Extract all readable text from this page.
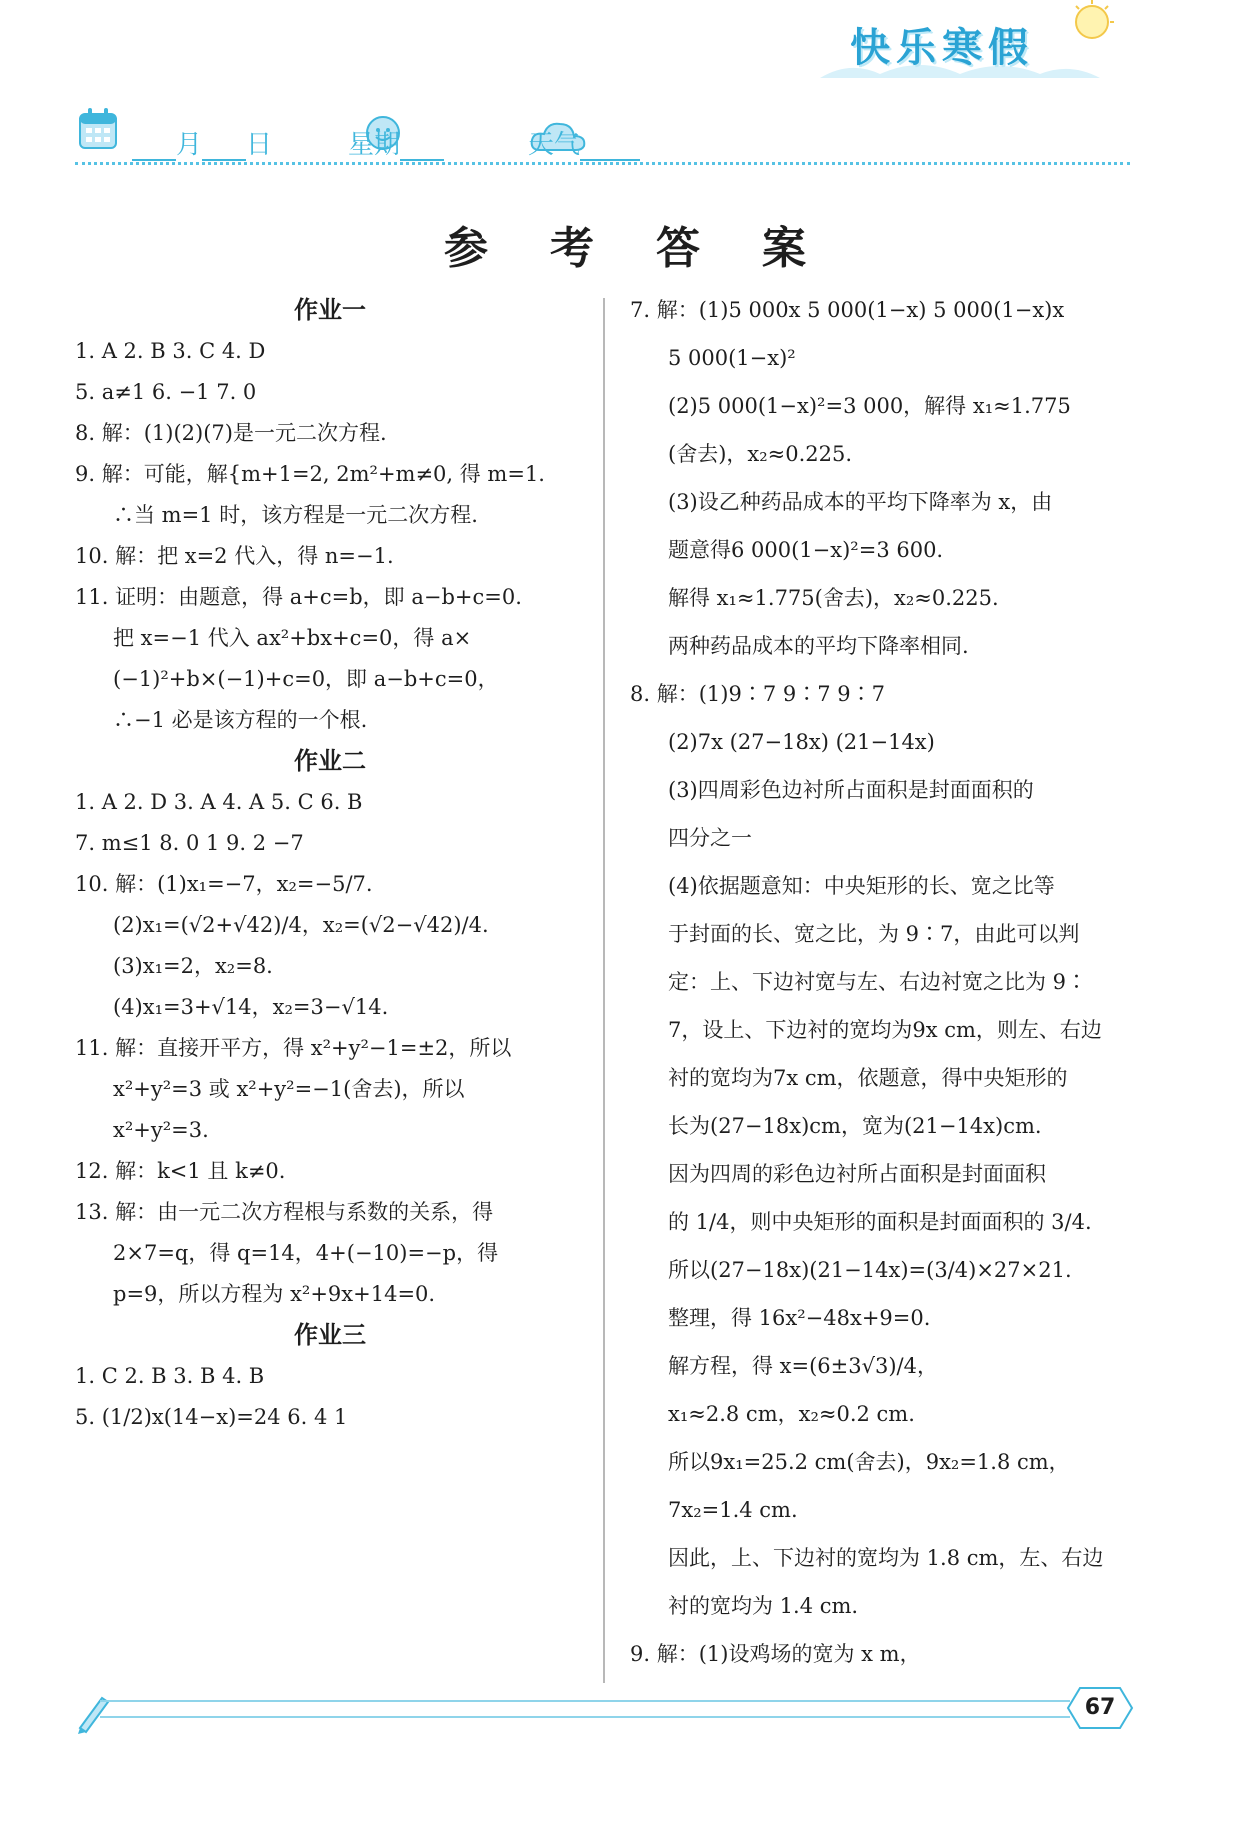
月 日	星期	天气
快乐寒假
参考答案
作业一
1. A 2. B 3. C 4. D
5. a≠1 6. −1 7. 0
8. 解：(1)(2)(7)是一元二次方程.
9. 解：可能，解{m+1=2, 2m²+m≠0, 得 m=1.
∴当 m=1 时，该方程是一元二次方程.
10. 解：把 x=2 代入，得 n=−1.
11. 证明：由题意，得 a+c=b，即 a−b+c=0.
把 x=−1 代入 ax²+bx+c=0，得 a×
(−1)²+b×(−1)+c=0，即 a−b+c=0，
∴−1 必是该方程的一个根.
作业二
1. A 2. D 3. A 4. A 5. C 6. B
7. m≤1 8. 0 1 9. 2 −7
10. 解：(1)x₁=−7，x₂=−5/7.
(2)x₁=(√2+√42)/4，x₂=(√2−√42)/4.
(3)x₁=2，x₂=8.
(4)x₁=3+√14，x₂=3−√14.
11. 解：直接开平方，得 x²+y²−1=±2，所以
x²+y²=3 或 x²+y²=−1(舍去)，所以
x²+y²=3.
12. 解：k<1 且 k≠0.
13. 解：由一元二次方程根与系数的关系，得
2×7=q，得 q=14，4+(−10)=−p，得
p=9，所以方程为 x²+9x+14=0.
作业三
1. C 2. B 3. B 4. B
5. (1/2)x(14−x)=24 6. 4 1
7. 解：(1)5 000x 5 000(1−x) 5 000(1−x)x
5 000(1−x)²
(2)5 000(1−x)²=3 000，解得 x₁≈1.775
(舍去)，x₂≈0.225.
(3)设乙种药品成本的平均下降率为 x，由
题意得6 000(1−x)²=3 600.
解得 x₁≈1.775(舍去)，x₂≈0.225.
两种药品成本的平均下降率相同.
8. 解：(1)9∶7 9∶7 9∶7
(2)7x (27−18x) (21−14x)
(3)四周彩色边衬所占面积是封面面积的
四分之一
(4)依据题意知：中央矩形的长、宽之比等
于封面的长、宽之比，为 9∶7，由此可以判
定：上、下边衬宽与左、右边衬宽之比为 9∶
7，设上、下边衬的宽均为9x cm，则左、右边
衬的宽均为7x cm，依题意，得中央矩形的
长为(27−18x)cm，宽为(21−14x)cm.
因为四周的彩色边衬所占面积是封面面积
的 1/4，则中央矩形的面积是封面面积的 3/4.
所以(27−18x)(21−14x)=(3/4)×27×21.
整理，得 16x²−48x+9=0.
解方程，得 x=(6±3√3)/4，
x₁≈2.8 cm，x₂≈0.2 cm.
所以9x₁=25.2 cm(舍去)，9x₂=1.8 cm，
7x₂=1.4 cm.
因此，上、下边衬的宽均为 1.8 cm，左、右边
衬的宽均为 1.4 cm.
9. 解：(1)设鸡场的宽为 x m，
67
